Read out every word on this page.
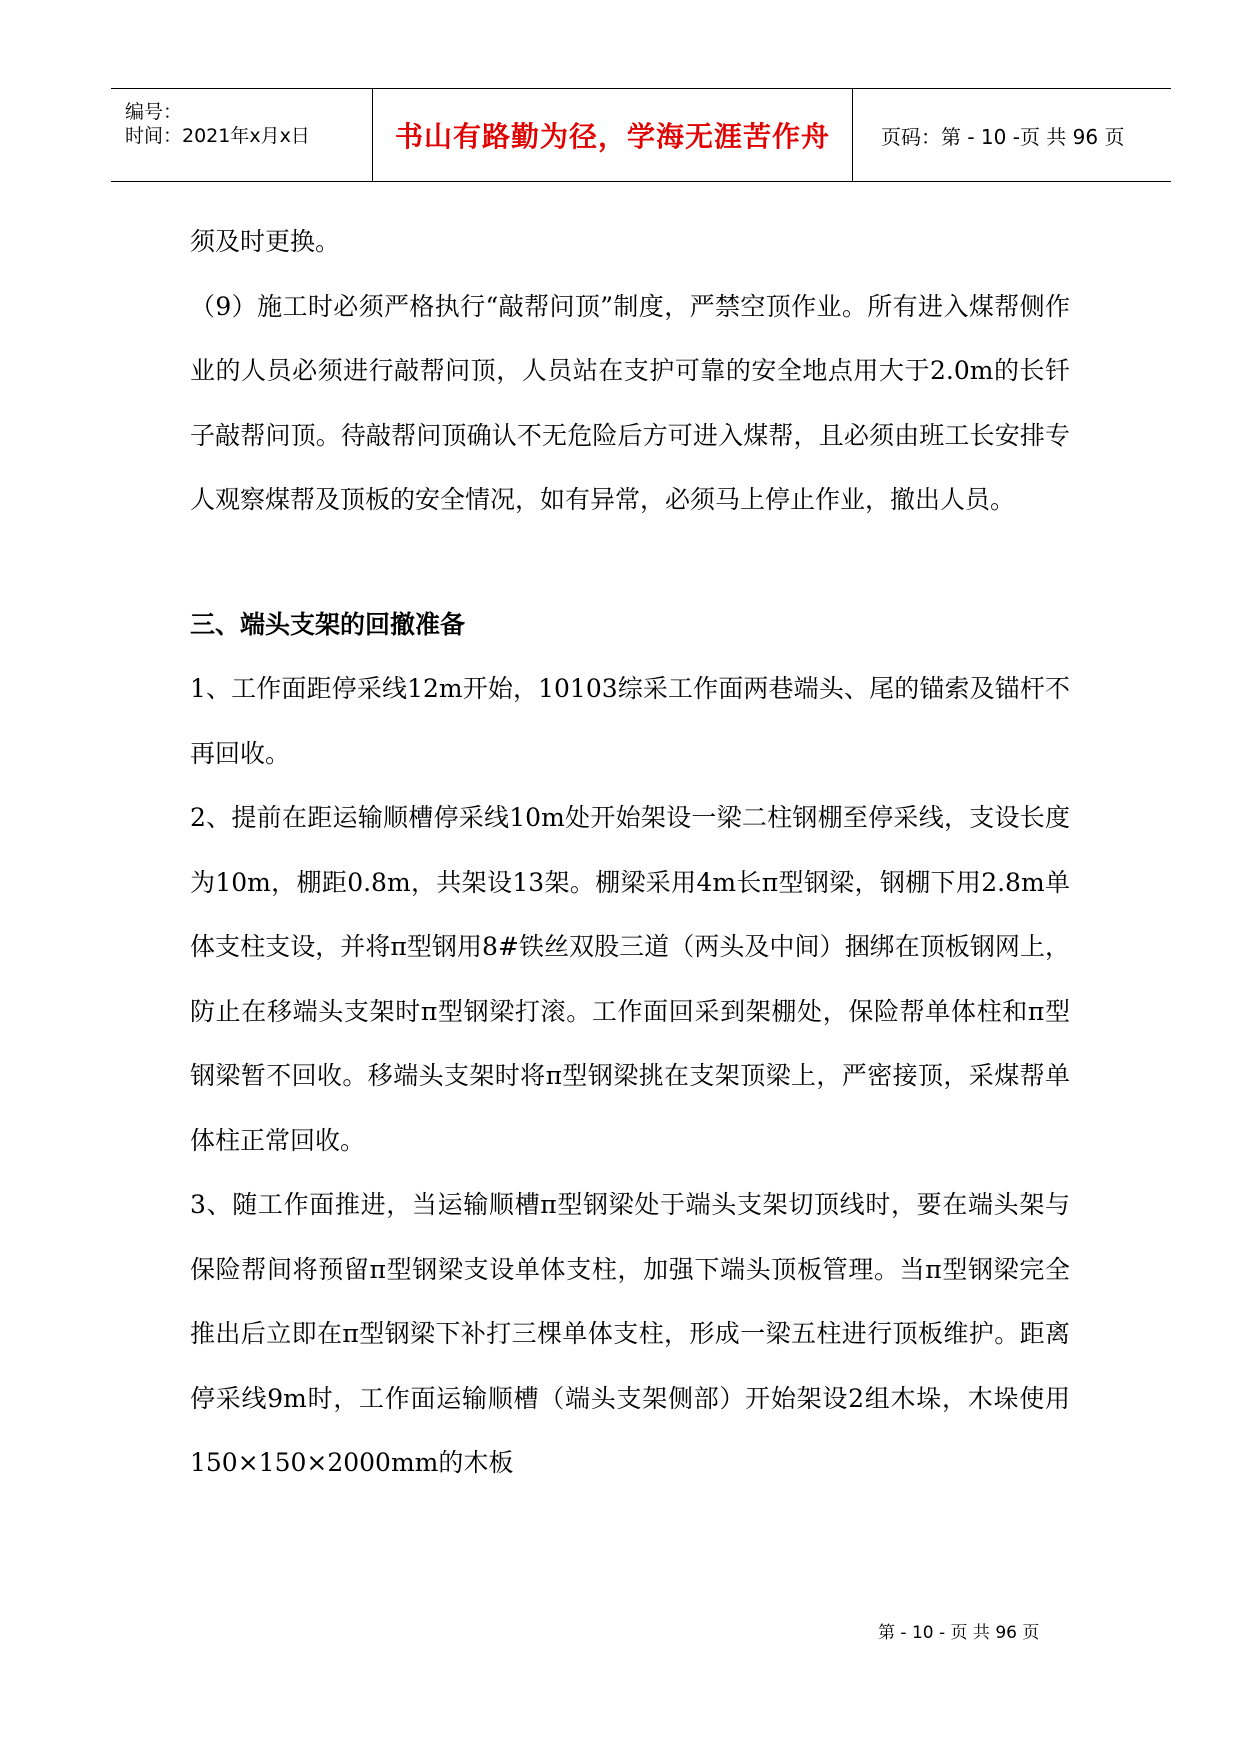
编号：
时间：2021年x月x日	书山有路勤为径，学海无涯苦作舟	页码：第 - 10 -页 共 96 页

须及时更换。

（9）施工时必须严格执行“敲帮问顶”制度，严禁空顶作业。所有进入煤帮侧作业的人员必须进行敲帮问顶，人员站在支护可靠的安全地点用大于2.0m的长钎子敲帮问顶。待敲帮问顶确认不无危险后方可进入煤帮，且必须由班工长安排专人观察煤帮及顶板的安全情况，如有异常，必须马上停止作业，撤出人员。

三、端头支架的回撤准备

1、工作面距停采线12m开始，10103综采工作面两巷端头、尾的锚索及锚杆不再回收。

2、提前在距运输顺槽停采线10m处开始架设一梁二柱钢棚至停采线，支设长度为10m，棚距0.8m，共架设13架。棚梁采用4m长π型钢梁，钢棚下用2.8m单体支柱支设，并将π型钢用8#铁丝双股三道（两头及中间）捆绑在顶板钢网上，防止在移端头支架时π型钢梁打滚。工作面回采到架棚处，保险帮单体柱和π型钢梁暂不回收。移端头支架时将π型钢梁挑在支架顶梁上，严密接顶，采煤帮单体柱正常回收。

3、随工作面推进，当运输顺槽π型钢梁处于端头支架切顶线时，要在端头架与保险帮间将预留π型钢梁支设单体支柱，加强下端头顶板管理。当π型钢梁完全推出后立即在π型钢梁下补打三棵单体支柱，形成一梁五柱进行顶板维护。距离停采线9m时，工作面运输顺槽（端头支架侧部）开始架设2组木垛，木垛使用150×150×2000mm的木板

第 - 10 - 页 共 96 页
